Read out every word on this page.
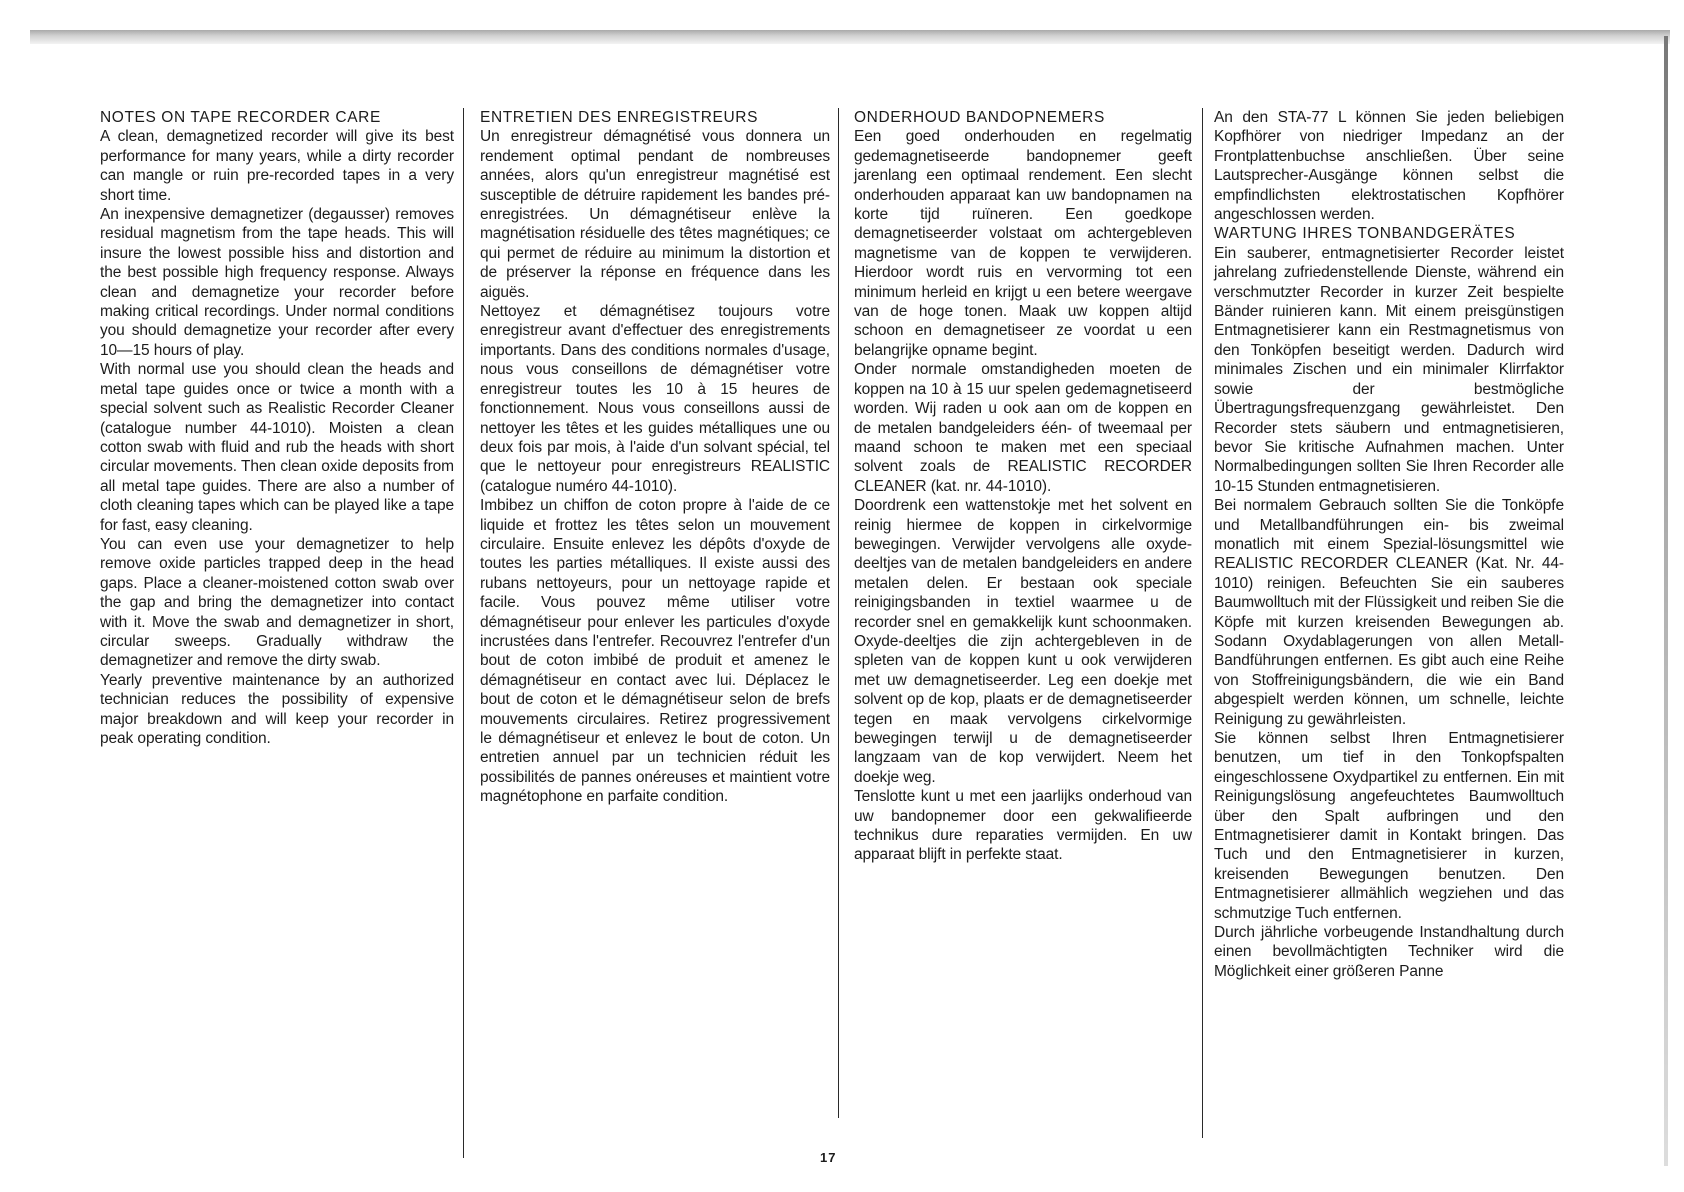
NOTES ON TAPE RECORDER CARE

A clean, demagnetized recorder will give its best performance for many years, while a dirty recorder can mangle or ruin pre-recorded tapes in a very short time.

An inexpensive demagnetizer (degausser) removes residual magnetism from the tape heads. This will insure the lowest possible hiss and distortion and the best possible high frequency response. Always clean and demagnetize your recorder before making critical recordings. Under normal conditions you should demagnetize your recorder after every 10—15 hours of play.

With normal use you should clean the heads and metal tape guides once or twice a month with a special solvent such as Realistic Recorder Cleaner (catalogue number 44-1010). Moisten a clean cotton swab with fluid and rub the heads with short circular movements. Then clean oxide deposits from all metal tape guides. There are also a number of cloth cleaning tapes which can be played like a tape for fast, easy cleaning.

You can even use your demagnetizer to help remove oxide particles trapped deep in the head gaps. Place a cleaner-moistened cotton swab over the gap and bring the demagnetizer into contact with it. Move the swab and demagnetizer in short, circular sweeps. Gradually withdraw the demagnetizer and remove the dirty swab.

Yearly preventive maintenance by an authorized technician reduces the possibility of expensive major breakdown and will keep your recorder in peak operating condition.

ENTRETIEN DES ENREGISTREURS

Un enregistreur démagnétisé vous donnera un rendement optimal pendant de nombreuses années, alors qu'un enregistreur magnétisé est susceptible de détruire rapidement les bandes pré-enregistrées. Un démagnétiseur enlève la magnétisation résiduelle des têtes magnétiques; ce qui permet de réduire au minimum la distortion et de préserver la réponse en fréquence dans les aiguës.

Nettoyez et démagnétisez toujours votre enregistreur avant d'effectuer des enregistrements importants. Dans des conditions normales d'usage, nous vous conseillons de démagnétiser votre enregistreur toutes les 10 à 15 heures de fonctionnement. Nous vous conseillons aussi de nettoyer les têtes et les guides métalliques une ou deux fois par mois, à l'aide d'un solvant spécial, tel que le nettoyeur pour enregistreurs REALISTIC (catalogue numéro 44-1010).

Imbibez un chiffon de coton propre à l'aide de ce liquide et frottez les têtes selon un mouvement circulaire. Ensuite enlevez les dépôts d'oxyde de toutes les parties métalliques. Il existe aussi des rubans nettoyeurs, pour un nettoyage rapide et facile. Vous pouvez même utiliser votre démagnétiseur pour enlever les particules d'oxyde incrustées dans l'entrefer. Recouvrez l'entrefer d'un bout de coton imbibé de produit et amenez le démagnétiseur en contact avec lui. Déplacez le bout de coton et le démagnétiseur selon de brefs mouvements circulaires. Retirez progressivement le démagnétiseur et enlevez le bout de coton. Un entretien annuel par un technicien réduit les possibilités de pannes onéreuses et maintient votre magnétophone en parfaite condition.

ONDERHOUD BANDOPNEMERS

Een goed onderhouden en regelmatig gedemagnetiseerde bandopnemer geeft jarenlang een optimaal rendement. Een slecht onderhouden apparaat kan uw bandopnamen na korte tijd ruïneren. Een goedkope demagnetiseerder volstaat om achtergebleven magnetisme van de koppen te verwijderen. Hierdoor wordt ruis en vervorming tot een minimum herleid en krijgt u een betere weergave van de hoge tonen. Maak uw koppen altijd schoon en demagnetiseer ze voordat u een belangrijke opname begint.

Onder normale omstandigheden moeten de koppen na 10 à 15 uur spelen gedemagnetiseerd worden. Wij raden u ook aan om de koppen en de metalen bandgeleiders één- of tweemaal per maand schoon te maken met een speciaal solvent zoals de REALISTIC RECORDER CLEANER (kat. nr. 44-1010).

Doordrenk een wattenstokje met het solvent en reinig hiermee de koppen in cirkelvormige bewegingen. Verwijder vervolgens alle oxyde-deeltjes van de metalen bandgeleiders en andere metalen delen. Er bestaan ook speciale reinigingsbanden in textiel waarmee u de recorder snel en gemakkelijk kunt schoonmaken. Oxyde-deeltjes die zijn achtergebleven in de spleten van de koppen kunt u ook verwijderen met uw demagnetiseerder. Leg een doekje met solvent op de kop, plaats er de demagnetiseerder tegen en maak vervolgens cirkelvormige bewegingen terwijl u de demagnetiseerder langzaam van de kop verwijdert. Neem het doekje weg.

Tenslotte kunt u met een jaarlijks onderhoud van uw bandopnemer door een gekwalifieerde technikus dure reparaties vermijden. En uw apparaat blijft in perfekte staat.

An den STA-77 L können Sie jeden beliebigen Kopfhörer von niedriger Impedanz an der Frontplattenbuchse anschließen. Über seine Lautsprecher-Ausgänge können selbst die empfindlichsten elektrostatischen Kopfhörer angeschlossen werden.

WARTUNG IHRES TONBANDGERÄTES

Ein sauberer, entmagnetisierter Recorder leistet jahrelang zufriedenstellende Dienste, während ein verschmutzter Recorder in kurzer Zeit bespielte Bänder ruinieren kann. Mit einem preisgünstigen Entmagnetisierer kann ein Restmagnetismus von den Tonköpfen beseitigt werden. Dadurch wird minimales Zischen und ein minimaler Klirrfaktor sowie der bestmögliche Übertragungsfrequenzgang gewährleistet. Den Recorder stets säubern und entmagnetisieren, bevor Sie kritische Aufnahmen machen. Unter Normalbedingungen sollten Sie Ihren Recorder alle 10-15 Stunden entmagnetisieren.

Bei normalem Gebrauch sollten Sie die Tonköpfe und Metallbandführungen ein- bis zweimal monatlich mit einem Spezial-lösungsmittel wie REALISTIC RECORDER CLEANER (Kat. Nr. 44-1010) reinigen. Befeuchten Sie ein sauberes Baumwolltuch mit der Flüssigkeit und reiben Sie die Köpfe mit kurzen kreisenden Bewegungen ab. Sodann Oxydablagerungen von allen Metall-Bandführungen entfernen. Es gibt auch eine Reihe von Stoffreinigungsbändern, die wie ein Band abgespielt werden können, um schnelle, leichte Reinigung zu gewährleisten.

Sie können selbst Ihren Entmagnetisierer benutzen, um tief in den Tonkopfspalten eingeschlossene Oxydpartikel zu entfernen. Ein mit Reinigungslösung angefeuchtetes Baumwolltuch über den Spalt aufbringen und den Entmagnetisierer damit in Kontakt bringen. Das Tuch und den Entmagnetisierer in kurzen, kreisenden Bewegungen benutzen. Den Entmagnetisierer allmählich wegziehen und das schmutzige Tuch entfernen.

Durch jährliche vorbeugende Instandhaltung durch einen bevollmächtigten Techniker wird die Möglichkeit einer größeren Panne

17
